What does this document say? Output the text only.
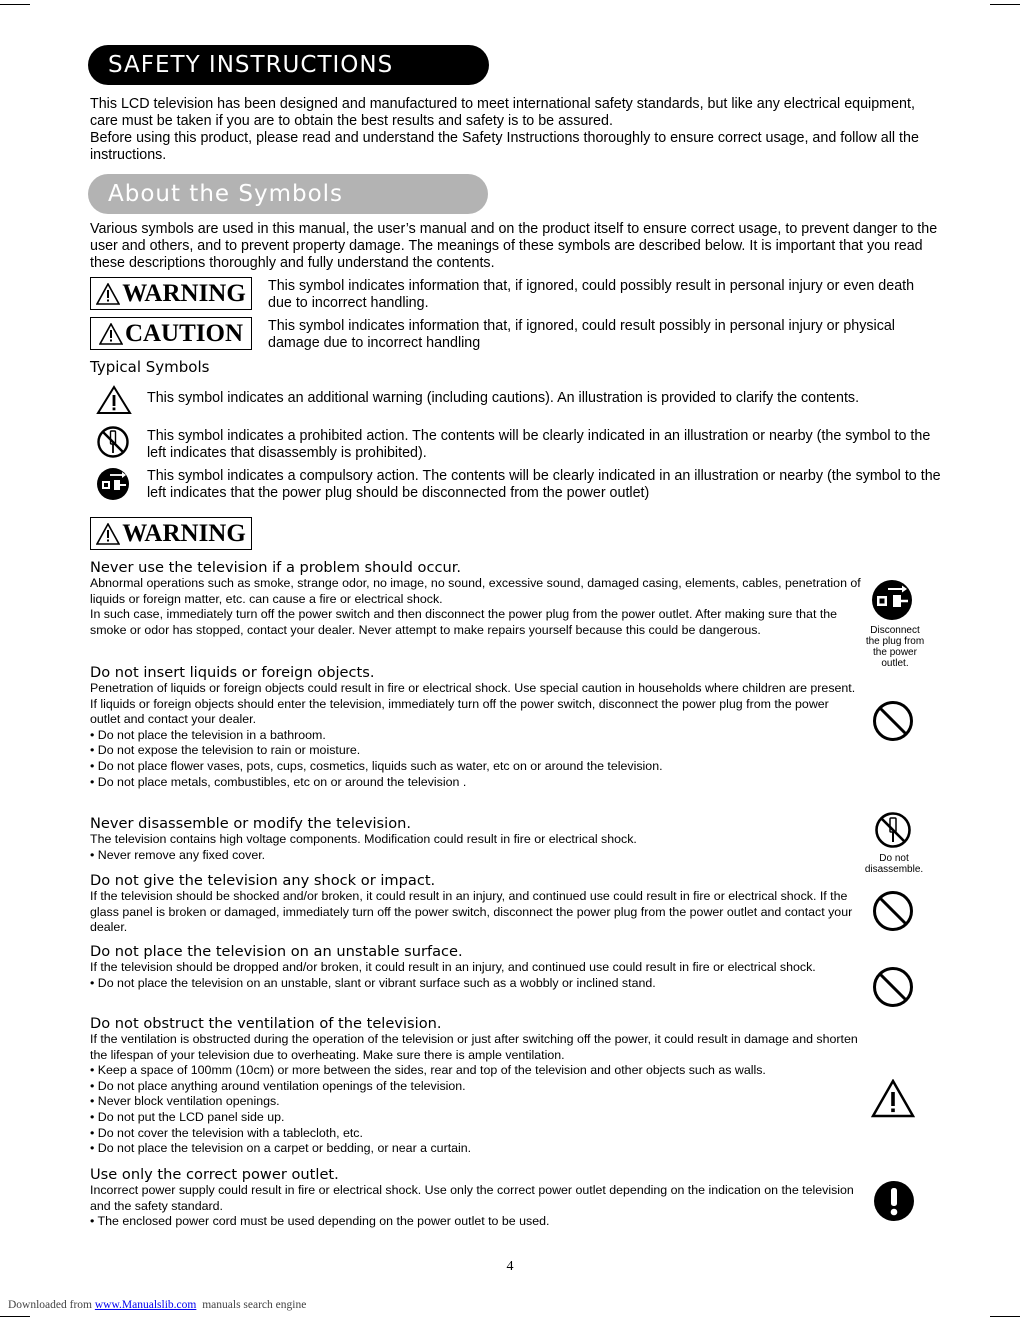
SAFETY INSTRUCTIONS

This LCD television has been designed and manufactured to meet international safety standards, but like any electrical equipment, care must be taken if you are to obtain the best results and safety is to be assured.

Before using this product, please read and understand the Safety Instructions thoroughly to ensure correct usage, and follow all the instructions.

About the Symbols

Various symbols are used in this manual, the user’s manual and on the product itself to ensure correct usage, to prevent danger to the user and others, and to prevent property damage. The meanings of these symbols are described below. It is important that you read these descriptions thoroughly and fully understand the contents.

WARNING This symbol indicates information that, if ignored, could possibly result in personal injury or even death due to incorrect handling.
CAUTION This symbol indicates information that, if ignored, could result possibly in personal injury or physical damage due to incorrect handling
Typical Symbols
This symbol indicates an additional warning (including cautions). An illustration is provided to clarify the contents.
This symbol indicates a prohibited action. The contents will be clearly indicated in an illustration or nearby (the symbol to the left indicates that disassembly is prohibited).
This symbol indicates a compulsory action. The contents will be clearly indicated in an illustration or nearby (the symbol to the left indicates that the power plug should be disconnected from the power outlet)
WARNING
Never use the television if a problem should occur.
Abnormal operations such as smoke, strange odor, no image, no sound, excessive sound, damaged casing, elements, cables, penetration of liquids or foreign matter, etc. can cause a fire or electrical shock.
In such case, immediately turn off the power switch and then disconnect the power plug from the power outlet. After making sure that the smoke or odor has stopped, contact your dealer. Never attempt to make repairs yourself because this could be dangerous.	Disconnect the plug from the power outlet.
Do not insert liquids or foreign objects.
Penetration of liquids or foreign objects could result in fire or electrical shock. Use special caution in households where children are present.
If liquids or foreign objects should enter the television, immediately turn off the power switch, disconnect the power plug from the power outlet and contact your dealer.
• Do not place the television in a bathroom.
• Do not expose the television to rain or moisture.
• Do not place flower vases, pots, cups, cosmetics, liquids such as water, etc on or around the television.
• Do not place metals, combustibles, etc on or around the television .
Never disassemble or modify the television.
The television contains high voltage components. Modification could result in fire or electrical shock.
• Never remove any fixed cover.	Do not disassemble.
Do not give the television any shock or impact.
If the television should be shocked and/or broken, it could result in an injury, and continued use could result in fire or electrical shock. If the glass panel is broken or damaged, immediately turn off the power switch, disconnect the power plug from the power outlet and contact your dealer.
Do not place the television on an unstable surface.
If the television should be dropped and/or broken, it could result in an injury, and continued use could result in fire or electrical shock.
• Do not place the television on an unstable, slant or vibrant surface such as a wobbly or inclined stand.
Do not obstruct the ventilation of the television.
If the ventilation is obstructed during the operation of the television or just after switching off the power, it could result in damage and shorten the lifespan of your television due to overheating. Make sure there is ample ventilation.
• Keep a space of 100mm (10cm) or more between the sides, rear and top of the television and other objects such as walls.
• Do not place anything around ventilation openings of the television.
• Never block ventilation openings.
• Do not put the LCD panel side up.
• Do not cover the television with a tablecloth, etc.
• Do not place the television on a carpet or bedding, or near a curtain.
Use only the correct power outlet.
Incorrect power supply could result in fire or electrical shock. Use only the correct power outlet depending on the indication on the television and the safety standard.
• The enclosed power cord must be used depending on the power outlet to be used.
4
Downloaded from www.Manualslib.com manuals search engine
